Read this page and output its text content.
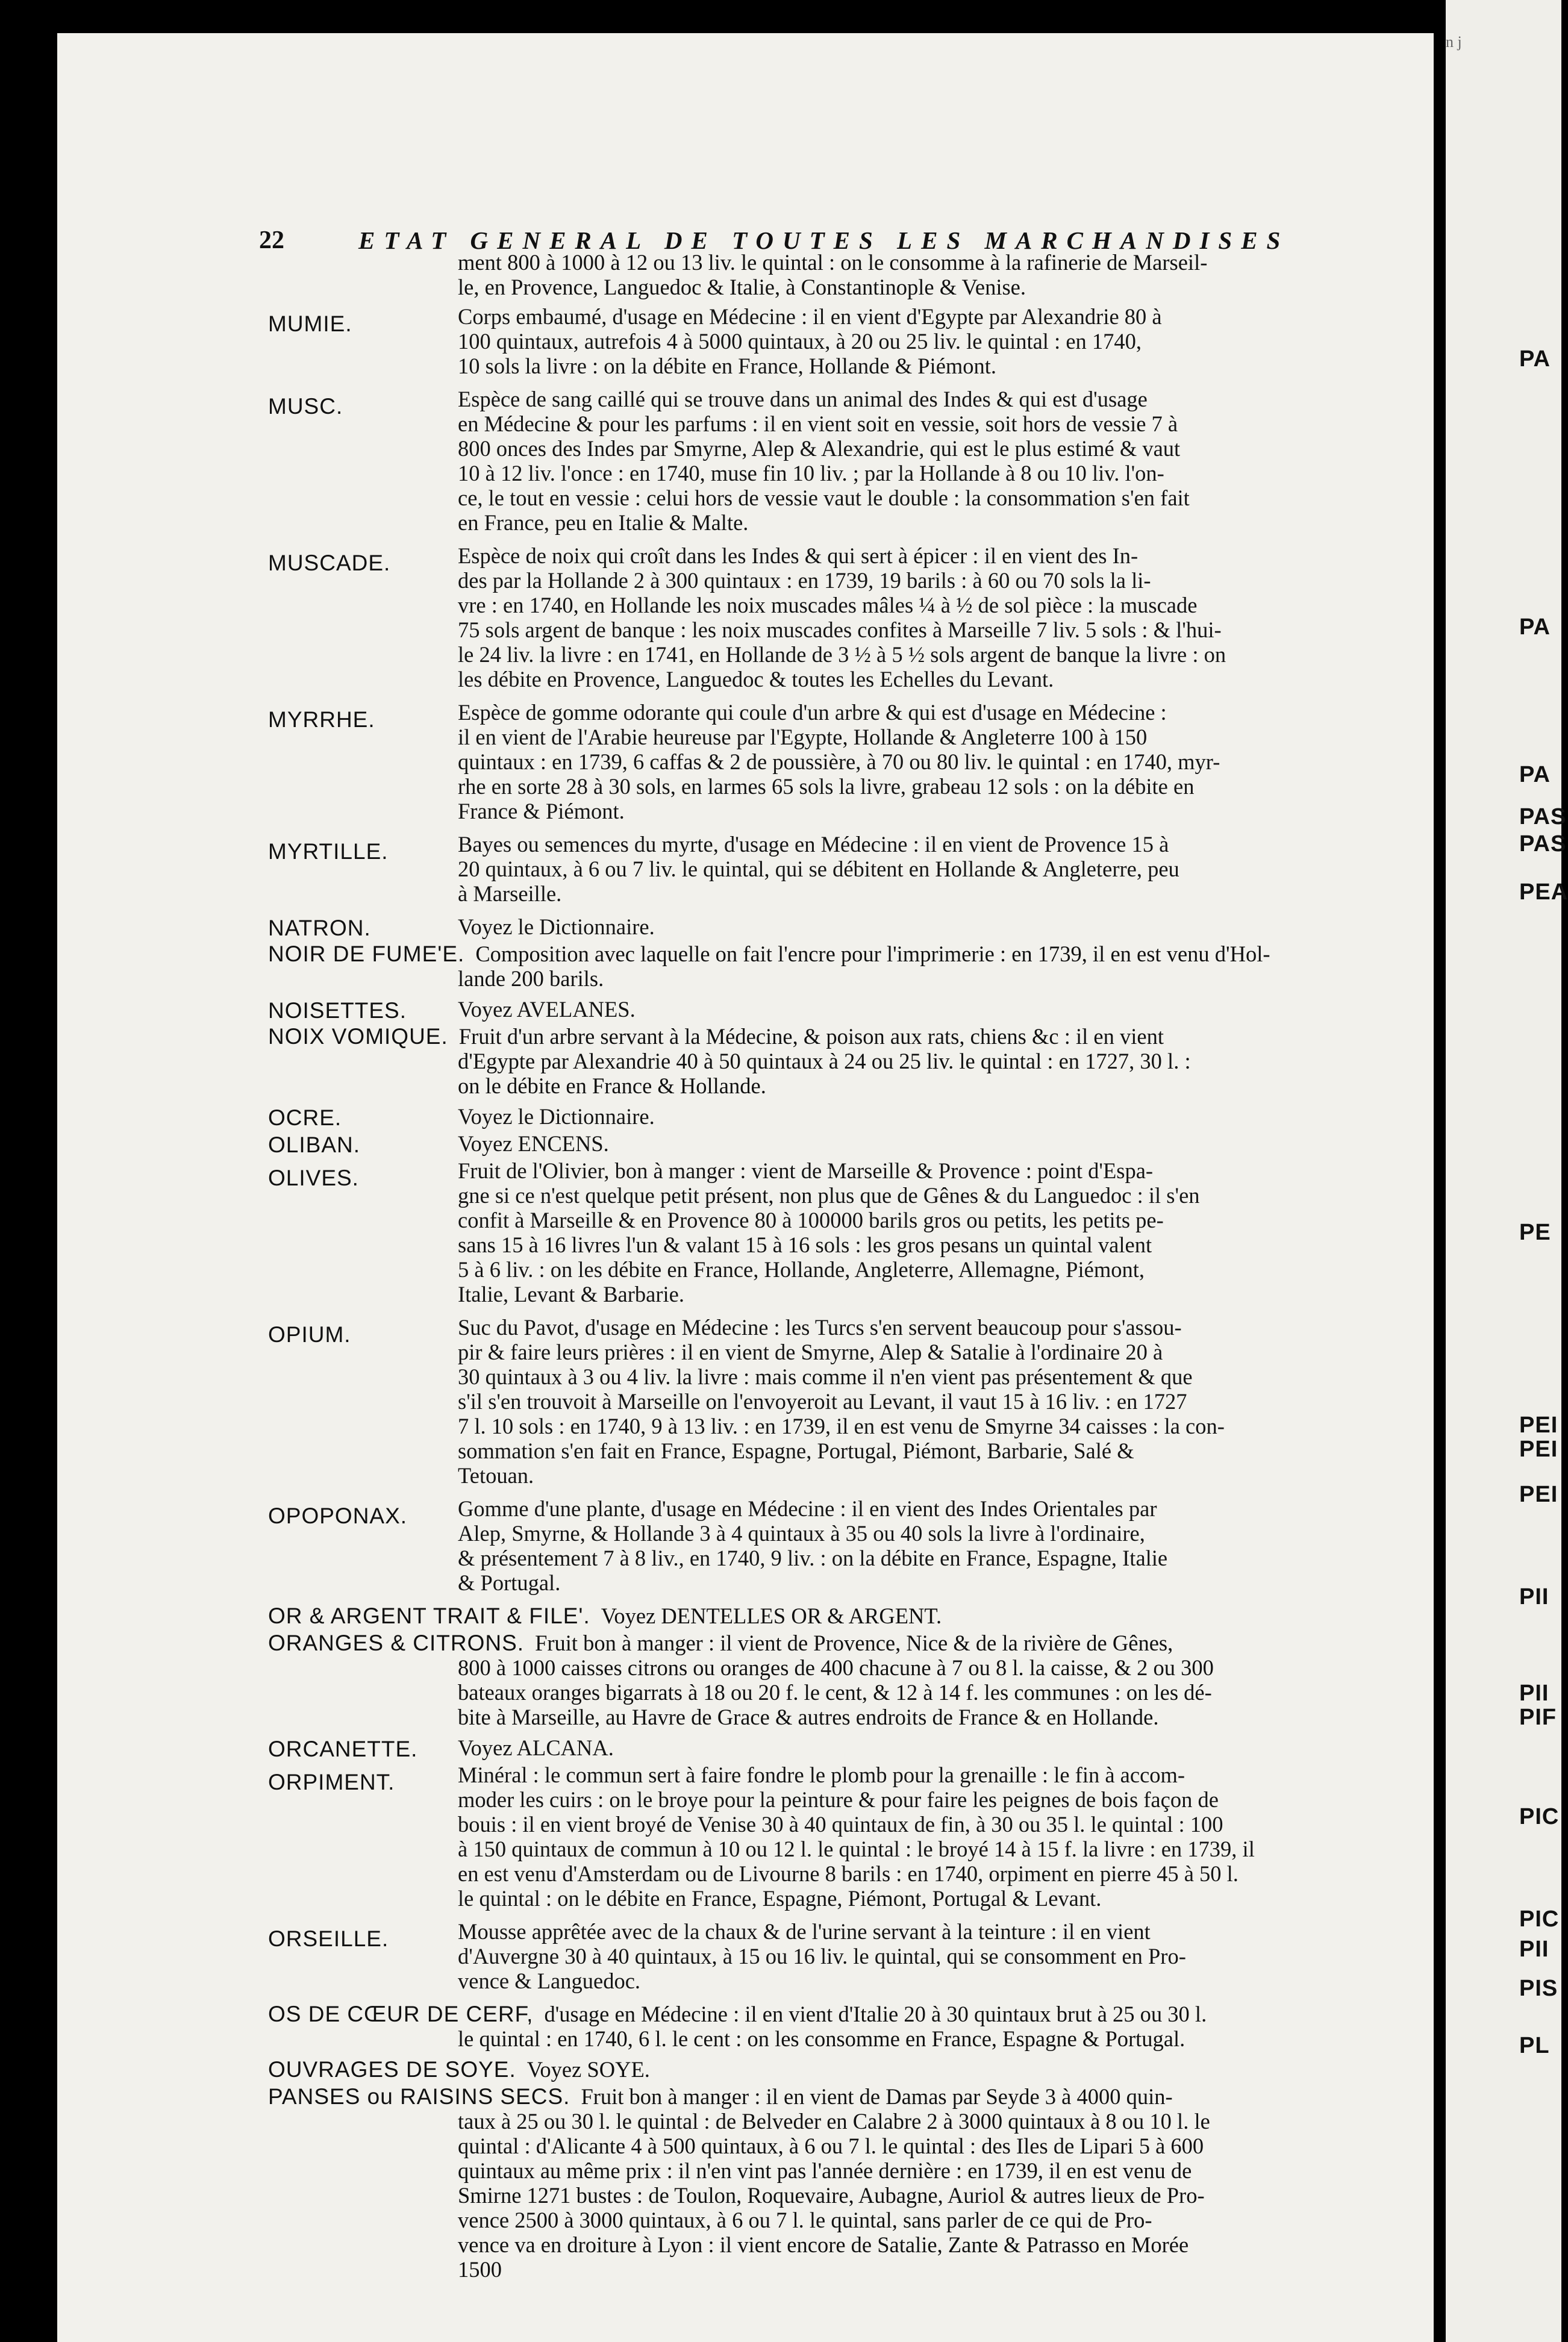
22	ETAT GENERAL DE TOUTES LES MARCHANDISES
ment 800 à 1000 à 12 ou 13 liv. le quintal : on le consomme à la rafinerie de Marseil-
le, en Provence, Languedoc & Italie, à Constantinople & Venise.
MUMIE.	Corps embaumé, d'usage en Médecine : il en vient d'Egypte par Alexandrie 80 à
100 quintaux, autrefois 4 à 5000 quintaux, à 20 ou 25 liv. le quintal : en 1740,
10 sols la livre : on la débite en France, Hollande & Piémont.
MUSC.	Espèce de sang caillé qui se trouve dans un animal des Indes & qui est d'usage
en Médecine & pour les parfums : il en vient soit en vessie, soit hors de vessie 7 à
800 onces des Indes par Smyrne, Alep & Alexandrie, qui est le plus estimé & vaut
10 à 12 liv. l'once : en 1740, muse fin 10 liv. ; par la Hollande à 8 ou 10 liv. l'on-
ce, le tout en vessie : celui hors de vessie vaut le double : la consommation s'en fait
en France, peu en Italie & Malte.
MUSCADE.	Espèce de noix qui croît dans les Indes & qui sert à épicer : il en vient des In-
des par la Hollande 2 à 300 quintaux : en 1739, 19 barils : à 60 ou 70 sols la li-
vre : en 1740, en Hollande les noix muscades mâles ¼ à ½ de sol pièce : la muscade
75 sols argent de banque : les noix muscades confites à Marseille 7 liv. 5 sols : & l'hui-
le 24 liv. la livre : en 1741, en Hollande de 3 ½ à 5 ½ sols argent de banque la livre : on
les débite en Provence, Languedoc & toutes les Echelles du Levant.
MYRRHE.	Espèce de gomme odorante qui coule d'un arbre & qui est d'usage en Médecine :
il en vient de l'Arabie heureuse par l'Egypte, Hollande & Angleterre 100 à 150
quintaux : en 1739, 6 caffas & 2 de poussière, à 70 ou 80 liv. le quintal : en 1740, myr-
rhe en sorte 28 à 30 sols, en larmes 65 sols la livre, grabeau 12 sols : on la débite en
France & Piémont.
MYRTILLE.	Bayes ou semences du myrte, d'usage en Médecine : il en vient de Provence 15 à
20 quintaux, à 6 ou 7 liv. le quintal, qui se débitent en Hollande & Angleterre, peu
à Marseille.
NATRON.	Voyez le Dictionnaire.
NOIR DE FUME'E. Composition avec laquelle on fait l'encre pour l'imprimerie : en 1739, il en est venu d'Hol-
lande 200 barils.
NOISETTES. Voyez AVELANES.
NOIX VOMIQUE. Fruit d'un arbre servant à la Médecine, & poison aux rats, chiens &c : il en vient
d'Egypte par Alexandrie 40 à 50 quintaux à 24 ou 25 liv. le quintal : en 1727, 30 l. :
on le débite en France & Hollande.
OCRE.	Voyez le Dictionnaire.
OLIBAN.	Voyez ENCENS.
OLIVES.	Fruit de l'Olivier, bon à manger : vient de Marseille & Provence : point d'Espa-
gne si ce n'est quelque petit présent, non plus que de Gênes & du Languedoc : il s'en
confit à Marseille & en Provence 80 à 100000 barils gros ou petits, les petits pe-
sans 15 à 16 livres l'un & valant 15 à 16 sols : les gros pesans un quintal valent
5 à 6 liv. : on les débite en France, Hollande, Angleterre, Allemagne, Piémont,
Italie, Levant & Barbarie.
OPIUM.	Suc du Pavot, d'usage en Médecine : les Turcs s'en servent beaucoup pour s'assou-
pir & faire leurs prières : il en vient de Smyrne, Alep & Satalie à l'ordinaire 20 à
30 quintaux à 3 ou 4 liv. la livre : mais comme il n'en vient pas présentement & que
s'il s'en trouvoit à Marseille on l'envoyeroit au Levant, il vaut 15 à 16 liv. : en 1727
7 l. 10 sols : en 1740, 9 à 13 liv. : en 1739, il en est venu de Smyrne 34 caisses : la con-
sommation s'en fait en France, Espagne, Portugal, Piémont, Barbarie, Salé &
Tetouan.
OPOPONAX. Gomme d'une plante, d'usage en Médecine : il en vient des Indes Orientales par
Alep, Smyrne, & Hollande 3 à 4 quintaux à 35 ou 40 sols la livre à l'ordinaire,
& présentement 7 à 8 liv., en 1740, 9 liv. : on la débite en France, Espagne, Italie
& Portugal.
OR & ARGENT TRAIT & FILE'. Voyez DENTELLES OR & ARGENT.
ORANGES & CITRONS. Fruit bon à manger : il vient de Provence, Nice & de la rivière de Gênes,
800 à 1000 caisses citrons ou oranges de 400 chacune à 7 ou 8 l. la caisse, & 2 ou 300
bateaux oranges bigarrats à 18 ou 20 f. le cent, & 12 à 14 f. les communes : on les dé-
bite à Marseille, au Havre de Grace & autres endroits de France & en Hollande.
ORCANETTE. Voyez ALCANA.
ORPIMENT.	Minéral : le commun sert à faire fondre le plomb pour la grenaille : le fin à accom-
moder les cuirs : on le broye pour la peinture & pour faire les peignes de bois façon de
bouis : il en vient broyé de Venise 30 à 40 quintaux de fin, à 30 ou 35 l. le quintal : 100
à 150 quintaux de commun à 10 ou 12 l. le quintal : le broyé 14 à 15 f. la livre : en 1739, il
en est venu d'Amsterdam ou de Livourne 8 barils : en 1740, orpiment en pierre 45 à 50 l.
le quintal : on le débite en France, Espagne, Piémont, Portugal & Levant.
ORSEILLE.	Mousse apprêtée avec de la chaux & de l'urine servant à la teinture : il en vient
d'Auvergne 30 à 40 quintaux, à 15 ou 16 liv. le quintal, qui se consomment en Pro-
vence & Languedoc.
OS DE CŒUR DE CERF, d'usage en Médecine : il en vient d'Italie 20 à 30 quintaux brut à 25 ou 30 l.
le quintal : en 1740, 6 l. le cent : on les consomme en France, Espagne & Portugal.
OUVRAGES DE SOYE. Voyez SOYE.
PANSES ou RAISINS SECS. Fruit bon à manger : il en vient de Damas par Seyde 3 à 4000 quin-
taux à 25 ou 30 l. le quintal : de Belveder en Calabre 2 à 3000 quintaux à 8 ou 10 l. le
quintal : d'Alicante 4 à 500 quintaux, à 6 ou 7 l. le quintal : des Iles de Lipari 5 à 600
quintaux au même prix : il n'en vint pas l'année dernière : en 1739, il en est venu de
Smirne 1271 bustes : de Toulon, Roquevaire, Aubagne, Auriol & autres lieux de Pro-
vence 2500 à 3000 quintaux, à 6 ou 7 l. le quintal, sans parler de ce qui de Pro-
vence va en droiture à Lyon : il vient encore de Satalie, Zante & Patrasso en Morée
1500
n j
PA
PA
PA
PAS
PAS
PEA
PE
PEI
PEI
PEI
PII
PII
PIF
PIC
PIC
PII
PIS
PL
